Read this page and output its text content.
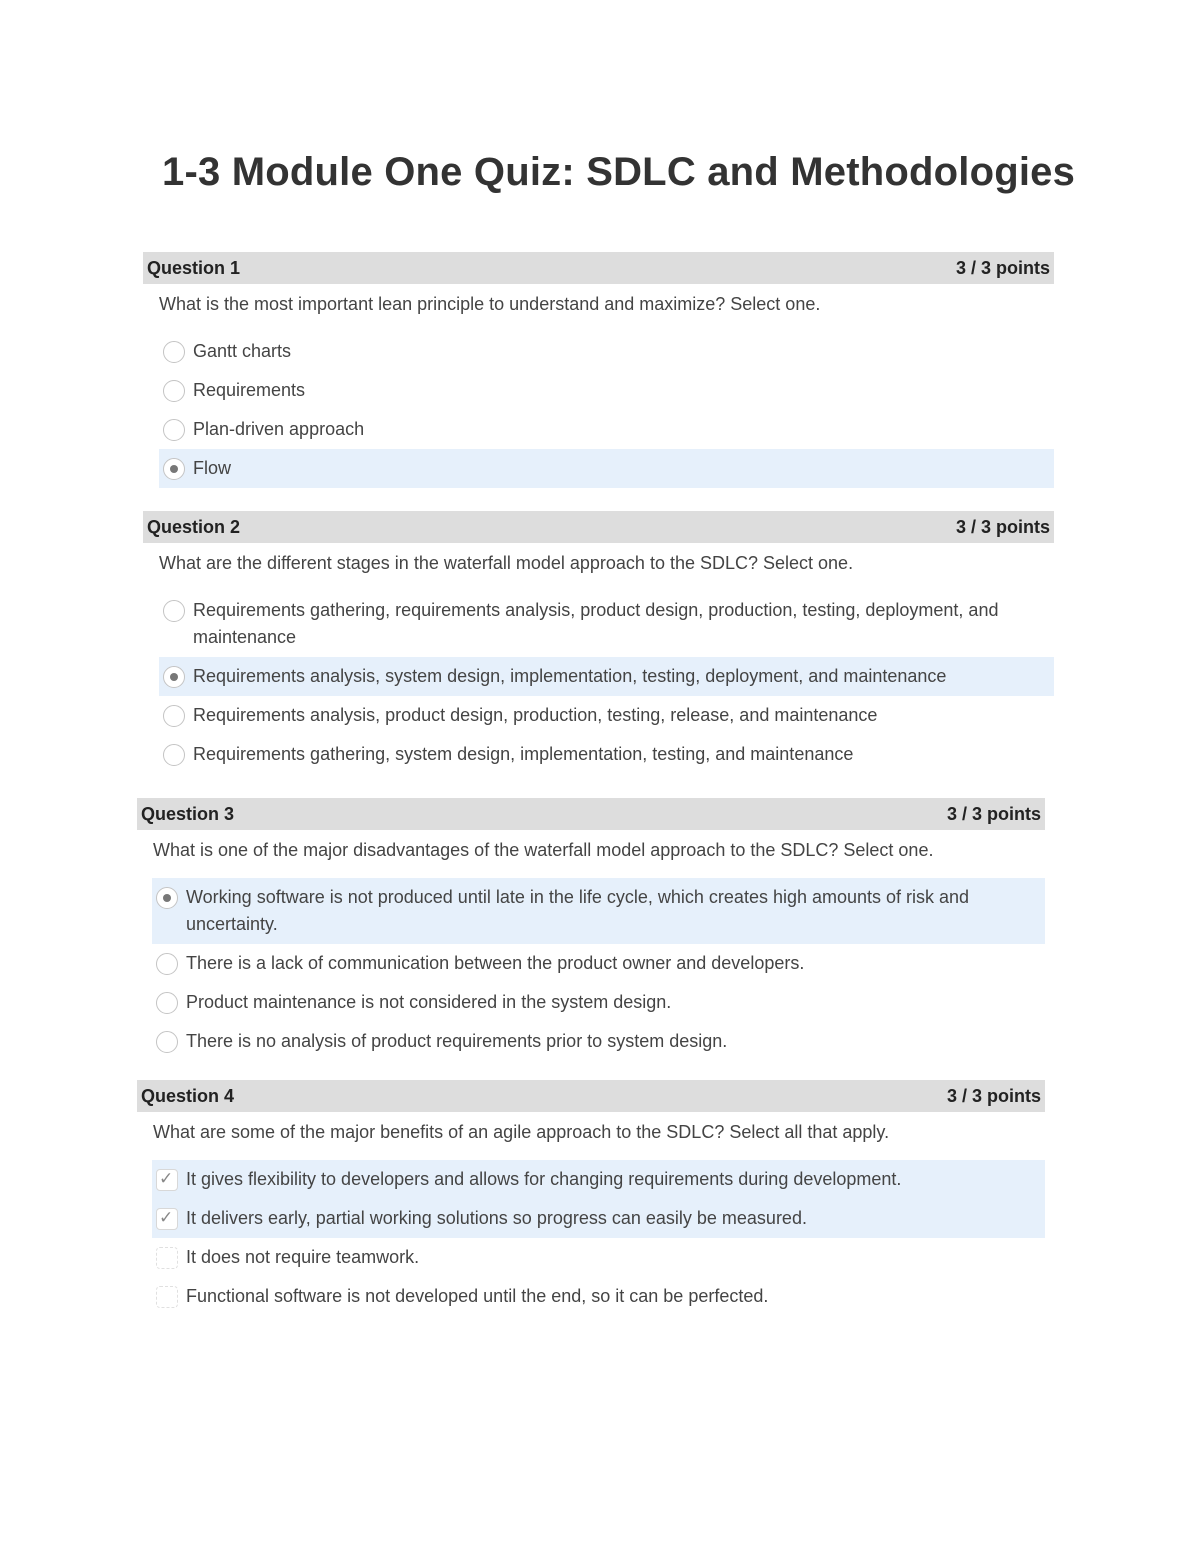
1-3 Module One Quiz: SDLC and Methodologies
Question 1	3 / 3 points
What is the most important lean principle to understand and maximize? Select one.
Gantt charts
Requirements
Plan-driven approach
Flow
Question 2	3 / 3 points
What are the different stages in the waterfall model approach to the SDLC? Select one.
Requirements gathering, requirements analysis, product design, production, testing, deployment, and maintenance
Requirements analysis, system design, implementation, testing, deployment, and maintenance
Requirements analysis, product design, production, testing, release, and maintenance
Requirements gathering, system design, implementation, testing, and maintenance
Question 3	3 / 3 points
What is one of the major disadvantages of the waterfall model approach to the SDLC? Select one.
Working software is not produced until late in the life cycle, which creates high amounts of risk and uncertainty.
There is a lack of communication between the product owner and developers.
Product maintenance is not considered in the system design.
There is no analysis of product requirements prior to system design.
Question 4	3 / 3 points
What are some of the major benefits of an agile approach to the SDLC? Select all that apply.
✓ It gives flexibility to developers and allows for changing requirements during development.
✓ It delivers early, partial working solutions so progress can easily be measured.
It does not require teamwork.
Functional software is not developed until the end, so it can be perfected.
